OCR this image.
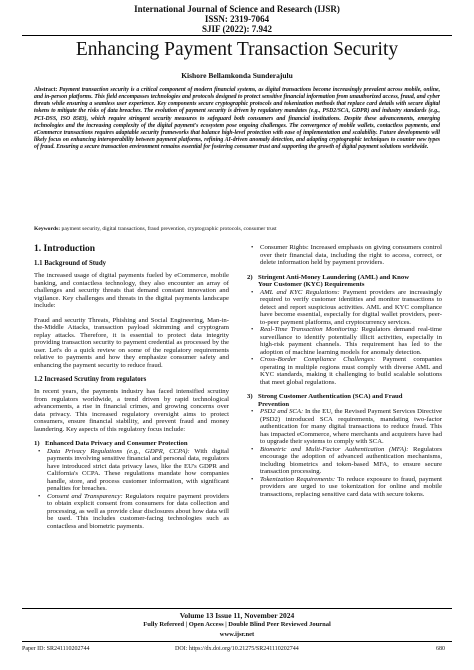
International Journal of Science and Research (IJSR)
ISSN: 2319-7064
SJIF (2022): 7.942
Enhancing Payment Transaction Security
Kishore Bellamkonda Sunderajulu
Abstract: Payment transaction security is a critical component of modern financial systems, as digital transactions become increasingly prevalent across mobile, online, and in-person platforms. This field encompasses technologies and protocols designed to protect sensitive financial information from unauthorized access, fraud, and cyber threats while ensuring a seamless user experience. Key components secure cryptographic protocols and tokenization methods that replace card details with secure digital tokens to mitigate the risks of data breaches. The evolution of payment security is driven by regulatory mandates (e.g., PSD2/SCA, GDPR) and industry standards (e.g., PCI-DSS, ISO 8583), which require stringent security measures to safeguard both consumers and financial institutions. Despite these advancements, emerging technologies and the increasing complexity of the digital payment's ecosystem pose ongoing challenges. The convergence of mobile wallets, contactless payments, and eCommerce transactions requires adaptable security frameworks that balance high-level protection with ease of implementation and scalability. Future developments will likely focus on enhancing interoperability between payment platforms, refining AI-driven anomaly detection, and adapting cryptographic techniques to counter new types of fraud. Ensuring a secure transaction environment remains essential for fostering consumer trust and supporting the growth of digital payment solutions worldwide.
Keywords: payment security, digital transactions, fraud prevention, cryptographic protocols, consumer trust
1. Introduction
1.1 Background of Study

The increased usage of digital payments fueled by eCommerce, mobile banking, and contactless technology, they also encounter an array of challenges and security threats that demand constant innovation and vigilance. Key challenges and threats in the digital payments landscape include:

Fraud and security Threats, Phishing and Social Engineering, Man-in-the-Middle Attacks, transaction payload skimming and cryptogram replay attacks. Therefore, it is essential to protect data integrity providing transaction security to payment credential as processed by the user. Let's do a quick review on some of the regulatory requirements relative to payments and how they emphasize consumer safety and enhancing the payment security to reduce fraud.

1.2 Increased Scrutiny from regulators

In recent years, the payments industry has faced intensified scrutiny from regulators worldwide, a trend driven by rapid technological advancements, a rise in financial crimes, and growing concerns over data privacy. This increased regulatory oversight aims to protect consumers, ensure financial stability, and prevent fraud and money laundering. Key aspects of this regulatory focus include:

1) Enhanced Data Privacy and Consumer Protection
• Data Privacy Regulations (e.g., GDPR, CCPA): With digital payments involving sensitive financial and personal data, regulators have introduced strict data privacy laws, like the EU's GDPR and California's CCPA. These regulations mandate how companies handle, store, and process customer information, with significant penalties for breaches.
• Consent and Transparency: Regulators require payment providers to obtain explicit consent from consumers for data collection and processing, as well as provide clear disclosures about how data will be used. This includes customer-facing technologies such as contactless and biometric payments.
• Consumer Rights: Increased emphasis on giving consumers control over their financial data, including the right to access, correct, or delete information held by payment providers.
2) Stringent Anti-Money Laundering (AML) and Know
Your Customer (KYC) Requirements
• AML and KYC Regulations: Payment providers are increasingly required to verify customer identities and monitor transactions to detect and report suspicious activities. AML and KYC compliance have become essential, especially for digital wallet providers, peer-to-peer payment platforms, and cryptocurrency services.
• Real-Time Transaction Monitoring: Regulators demand real-time surveillance to identify potentially illicit activities, especially in high-risk payment channels. This requirement has led to the adoption of machine learning models for anomaly detection.
• Cross-Border Compliance Challenges: Payment companies operating in multiple regions must comply with diverse AML and KYC standards, making it challenging to build scalable solutions that meet global regulations.
3) Strong Customer Authentication (SCA) and Fraud
Prevention
• PSD2 and SCA: In the EU, the Revised Payment Services Directive (PSD2) introduced SCA requirements, mandating two-factor authentication for many digital transactions to reduce fraud. This has impacted eCommerce, where merchants and acquirers have had to upgrade their systems to comply with SCA.
• Biometric and Multi-Factor Authentication (MFA): Regulators encourage the adoption of advanced authentication mechanisms, including biometrics and token-based MFA, to ensure secure transaction processing.
• Tokenization Requirements: To reduce exposure to fraud, payment providers are urged to use tokenization for online and mobile transactions, replacing sensitive card data with secure tokens.
Volume 13 Issue 11, November 2024
Fully Refereed | Open Access | Double Blind Peer Reviewed Journal
www.ijsr.net
Paper ID: SR241110202744	DOI: https://dx.doi.org/10.21275/SR241110202744	680
